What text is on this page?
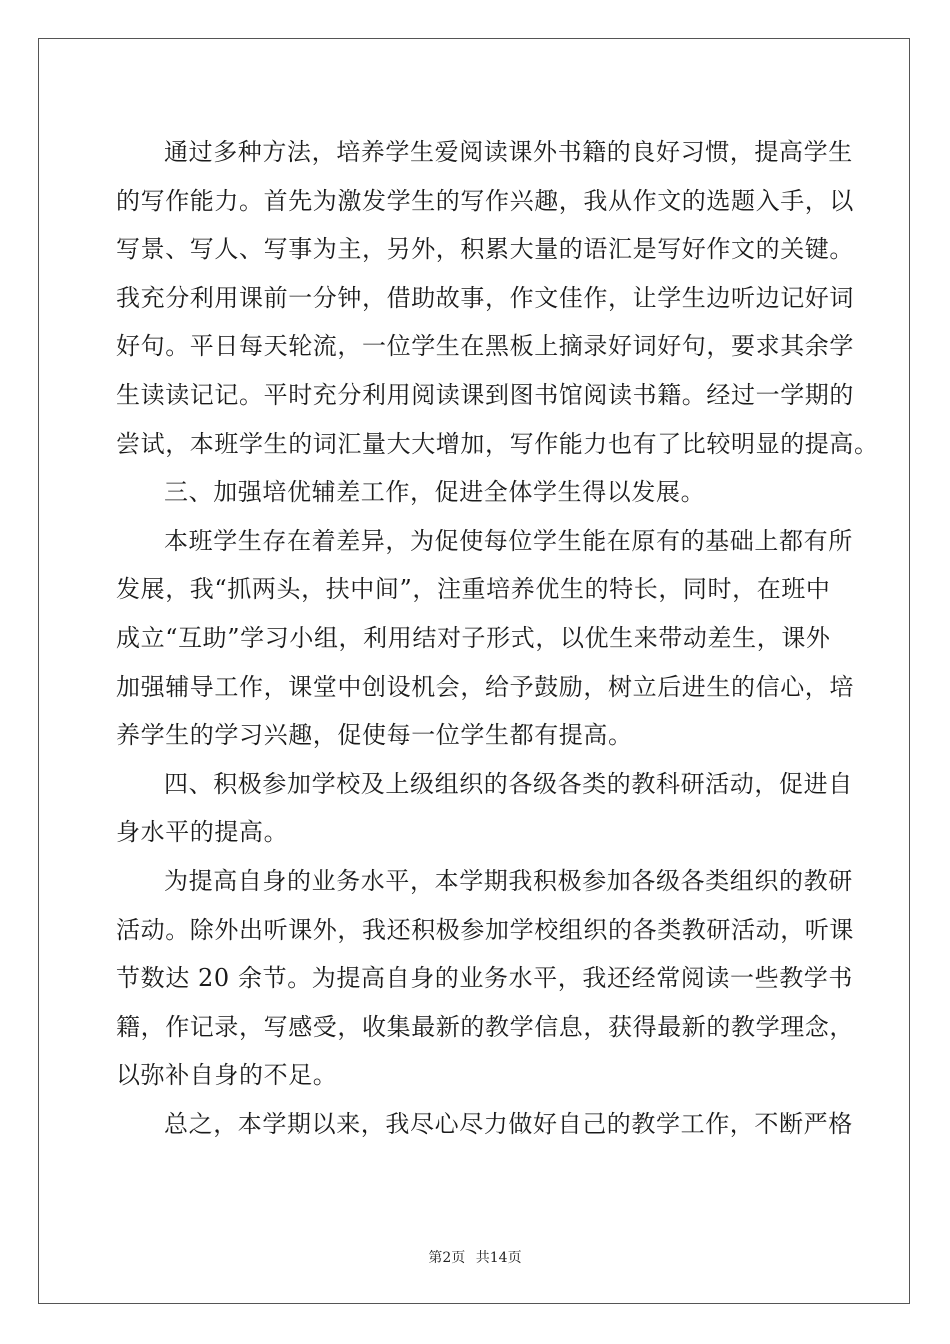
通过多种方法，培养学生爱阅读课外书籍的良好习惯，提高学生
的写作能力。首先为激发学生的写作兴趣，我从作文的选题入手，以
写景、写人、写事为主，另外，积累大量的语汇是写好作文的关键。
我充分利用课前一分钟，借助故事，作文佳作，让学生边听边记好词
好句。平日每天轮流，一位学生在黑板上摘录好词好句，要求其余学
生读读记记。平时充分利用阅读课到图书馆阅读书籍。经过一学期的
尝试，本班学生的词汇量大大增加，写作能力也有了比较明显的提高。
三、加强培优辅差工作，促进全体学生得以发展。
本班学生存在着差异，为促使每位学生能在原有的基础上都有所
发展，我“抓两头，扶中间”，注重培养优生的特长，同时，在班中
成立“互助”学习小组，利用结对子形式，以优生来带动差生，课外
加强辅导工作，课堂中创设机会，给予鼓励，树立后进生的信心，培
养学生的学习兴趣，促使每一位学生都有提高。
四、积极参加学校及上级组织的各级各类的教科研活动，促进自
身水平的提高。
为提高自身的业务水平，本学期我积极参加各级各类组织的教研
活动。除外出听课外，我还积极参加学校组织的各类教研活动，听课
节数达 20 余节。为提高自身的业务水平，我还经常阅读一些教学书
籍，作记录，写感受，收集最新的教学信息，获得最新的教学理念，
以弥补自身的不足。
总之，本学期以来，我尽心尽力做好自己的教学工作，不断严格
第2页 共14页
